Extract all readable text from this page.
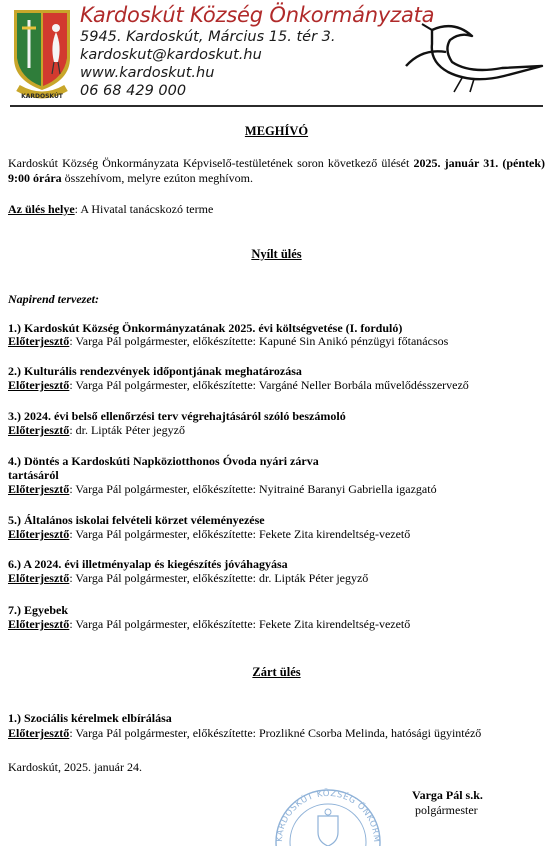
KARDOSKÚT
Kardoskút Község Önkormányzata
5945. Kardoskút, Március 15. tér 3.
kardoskut@kardoskut.hu
www.kardoskut.hu
06 68 429 000
MEGHÍVÓ
Kardoskút Község Önkormányzata Képviselő-testületének soron következő ülését 2025. január 31. (péntek) 9:00 órára összehívom, melyre ezúton meghívom.
Az ülés helye: A Hivatal tanácskozó terme
Nyílt ülés
Napirend tervezet:
1.) Kardoskút Község Önkormányzatának 2025. évi költségvetése (I. forduló)
Előterjesztő: Varga Pál polgármester, előkészítette: Kapuné Sin Anikó pénzügyi főtanácsos
2.) Kulturális rendezvények időpontjának meghatározása
Előterjesztő: Varga Pál polgármester, előkészítette: Vargáné Neller Borbála művelődésszervező
3.) 2024. évi belső ellenőrzési terv végrehajtásáról szóló beszámoló
Előterjesztő: dr. Lipták Péter jegyző
4.) Döntés a Kardoskúti Napköziotthonos Óvoda nyári zárva
tartásáról
Előterjesztő: Varga Pál polgármester, előkészítette: Nyitrainé Baranyi Gabriella igazgató
5.) Általános iskolai felvételi körzet véleményezése
Előterjesztő: Varga Pál polgármester, előkészítette: Fekete Zita kirendeltség-vezető
6.) A 2024. évi illetményalap és kiegészítés jóváhagyása
Előterjesztő: Varga Pál polgármester, előkészítette: dr. Lipták Péter jegyző
7.) Egyebek
Előterjesztő: Varga Pál polgármester, előkészítette: Fekete Zita kirendeltség-vezető
Zárt ülés
1.) Szociális kérelmek elbírálása
Előterjesztő: Varga Pál polgármester, előkészítette: Prozlikné Csorba Melinda, hatósági ügyintéző
Kardoskút, 2025. január 24.
KARDOSKÚT KÖZSÉG ÖNKORM
Varga Pál s.k.
polgármester
